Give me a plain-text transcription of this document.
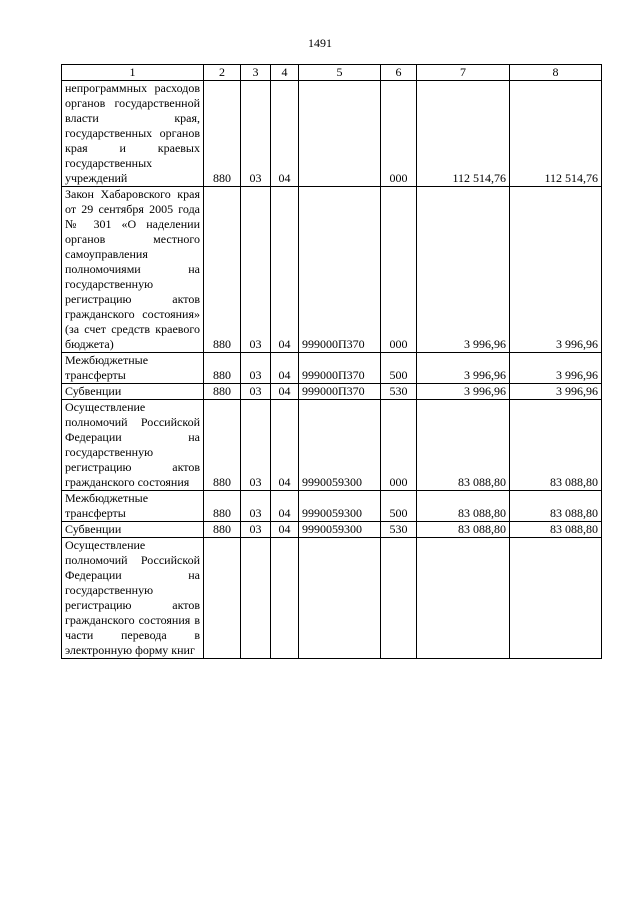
1491
1	2	3	4	5	6	7	8
непрограммных расходов органов государственной власти края, государственных органов края и краевых государственных учреждений	880	03	04		000	112 514,76	112 514,76
Закон Хабаровского края от 29 сентября 2005 года № 301 «О наделении органов местного самоуправления полномочиями на государственную регистрацию актов гражданского состояния» (за счет средств краевого бюджета)	880	03	04	999000П370	000	3 996,96	3 996,96
Межбюджетные трансферты	880	03	04	999000П370	500	3 996,96	3 996,96
Субвенции	880	03	04	999000П370	530	3 996,96	3 996,96
Осуществление полномочий Российской Федерации на государственную регистрацию актов гражданского состояния	880	03	04	9990059300	000	83 088,80	83 088,80
Межбюджетные трансферты	880	03	04	9990059300	500	83 088,80	83 088,80
Субвенции	880	03	04	9990059300	530	83 088,80	83 088,80
Осуществление полномочий Российской Федерации на государственную регистрацию актов гражданского состояния в части перевода в электронную форму книг							
